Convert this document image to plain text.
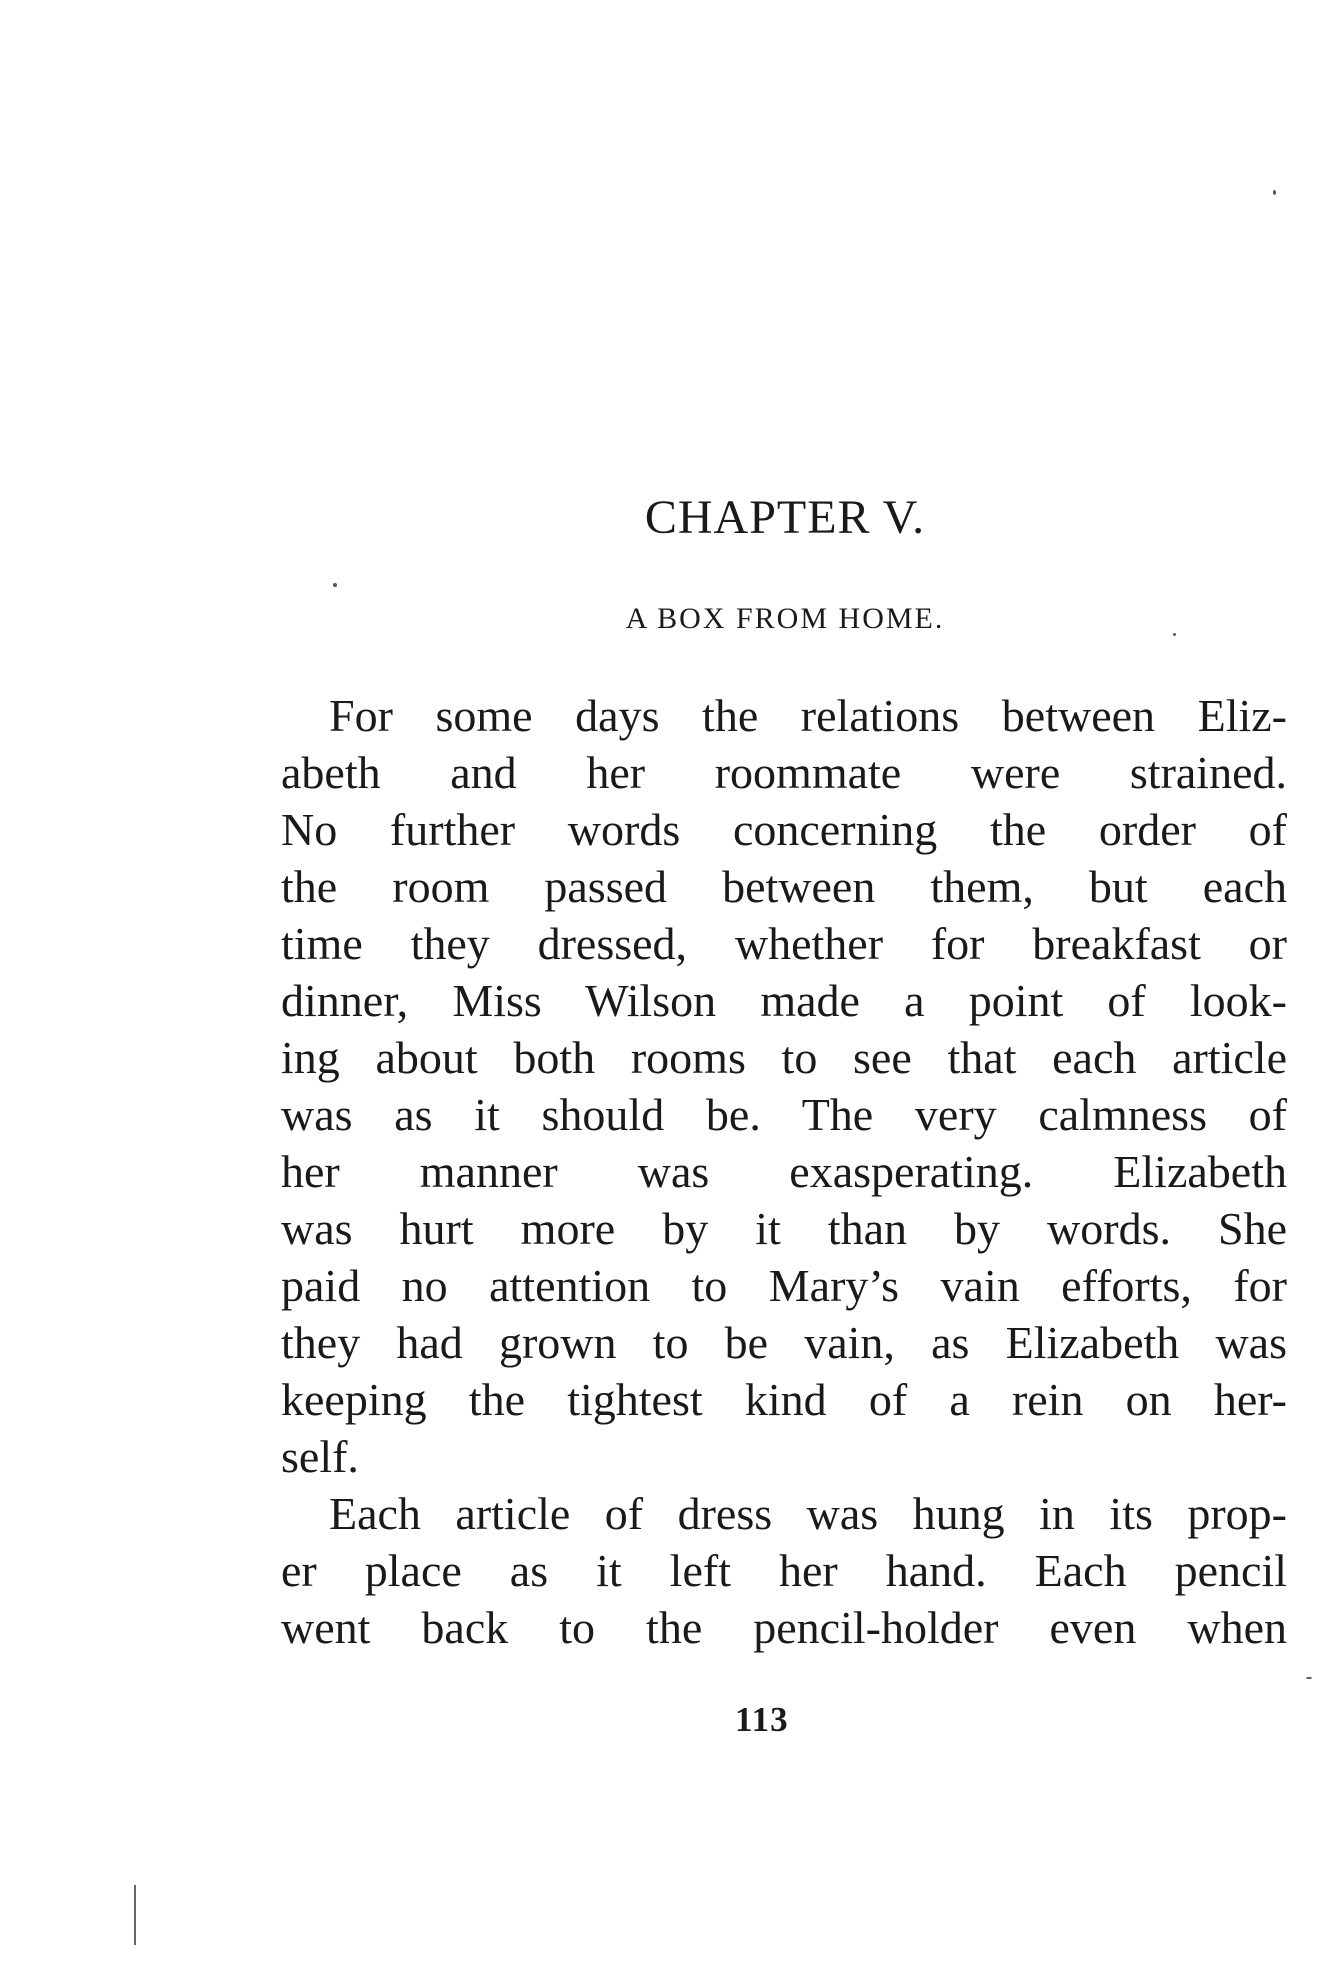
CHAPTER V.
A BOX FROM HOME.
For some days the relations between Eliz-
abeth and her roommate were strained.
No further words concerning the order of
the room passed between them, but each
time they dressed, whether for breakfast or
dinner, Miss Wilson made a point of look-
ing about both rooms to see that each article
was as it should be. The very calmness of
her manner was exasperating. Elizabeth
was hurt more by it than by words. She
paid no attention to Mary’s vain efforts, for
they had grown to be vain, as Elizabeth was
keeping the tightest kind of a rein on her-
self.
Each article of dress was hung in its prop-
er place as it left her hand. Each pencil
went back to the pencil-holder even when
113
